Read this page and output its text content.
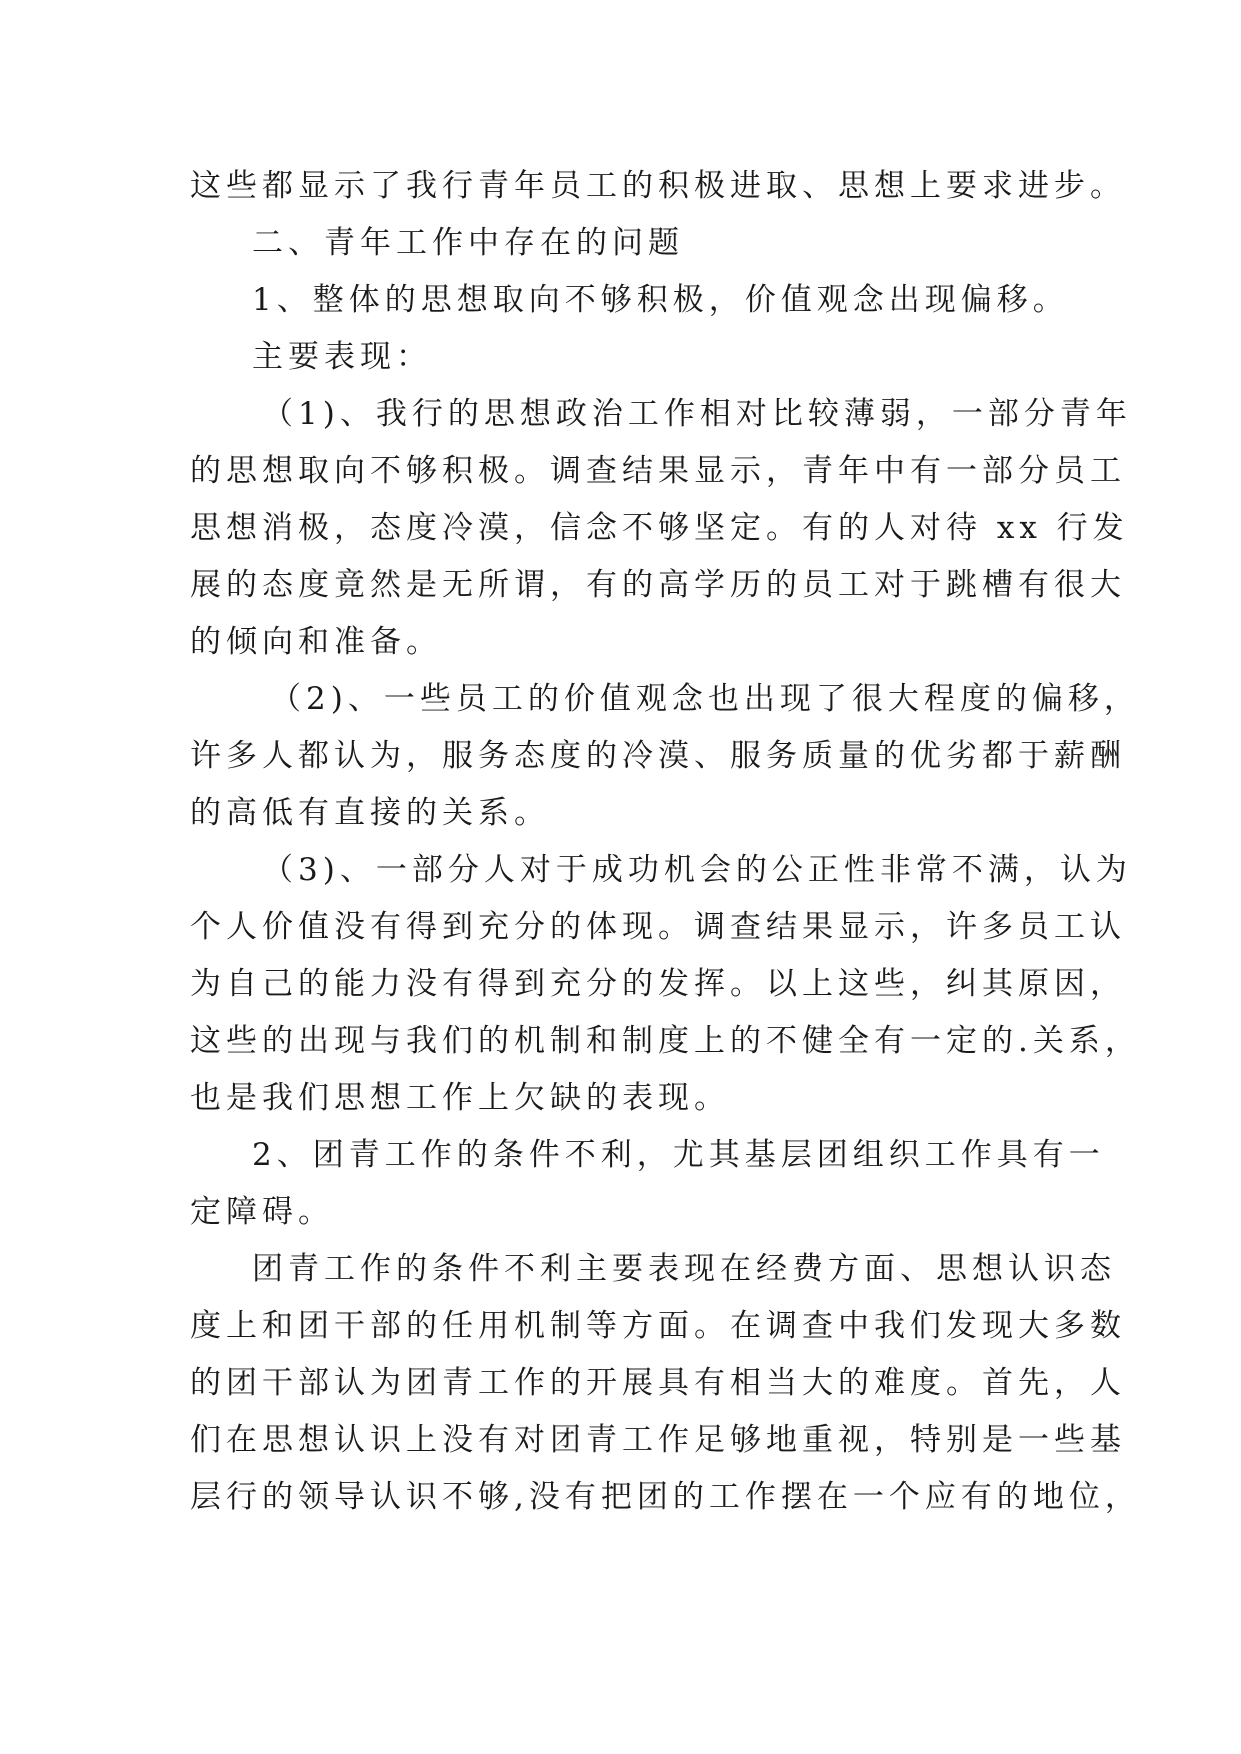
这些都显示了我行青年员工的积极进取、思想上要求进步。
二、青年工作中存在的问题
1、整体的思想取向不够积极，价值观念出现偏移。
主要表现：
（1)、我行的思想政治工作相对比较薄弱，一部分青年
的思想取向不够积极。调查结果显示，青年中有一部分员工
思想消极，态度冷漠，信念不够坚定。有的人对待 xx 行发
展的态度竟然是无所谓，有的高学历的员工对于跳槽有很大
的倾向和准备。
（2)、一些员工的价值观念也出现了很大程度的偏移，
许多人都认为，服务态度的冷漠、服务质量的优劣都于薪酬
的高低有直接的关系。
（3)、一部分人对于成功机会的公正性非常不满，认为
个人价值没有得到充分的体现。调查结果显示，许多员工认
为自己的能力没有得到充分的发挥。以上这些，纠其原因，
这些的出现与我们的机制和制度上的不健全有一定的.关系，
也是我们思想工作上欠缺的表现。
2、团青工作的条件不利，尤其基层团组织工作具有一
定障碍。
团青工作的条件不利主要表现在经费方面、思想认识态
度上和团干部的任用机制等方面。在调查中我们发现大多数
的团干部认为团青工作的开展具有相当大的难度。首先，人
们在思想认识上没有对团青工作足够地重视，特别是一些基
层行的领导认识不够,没有把团的工作摆在一个应有的地位，
